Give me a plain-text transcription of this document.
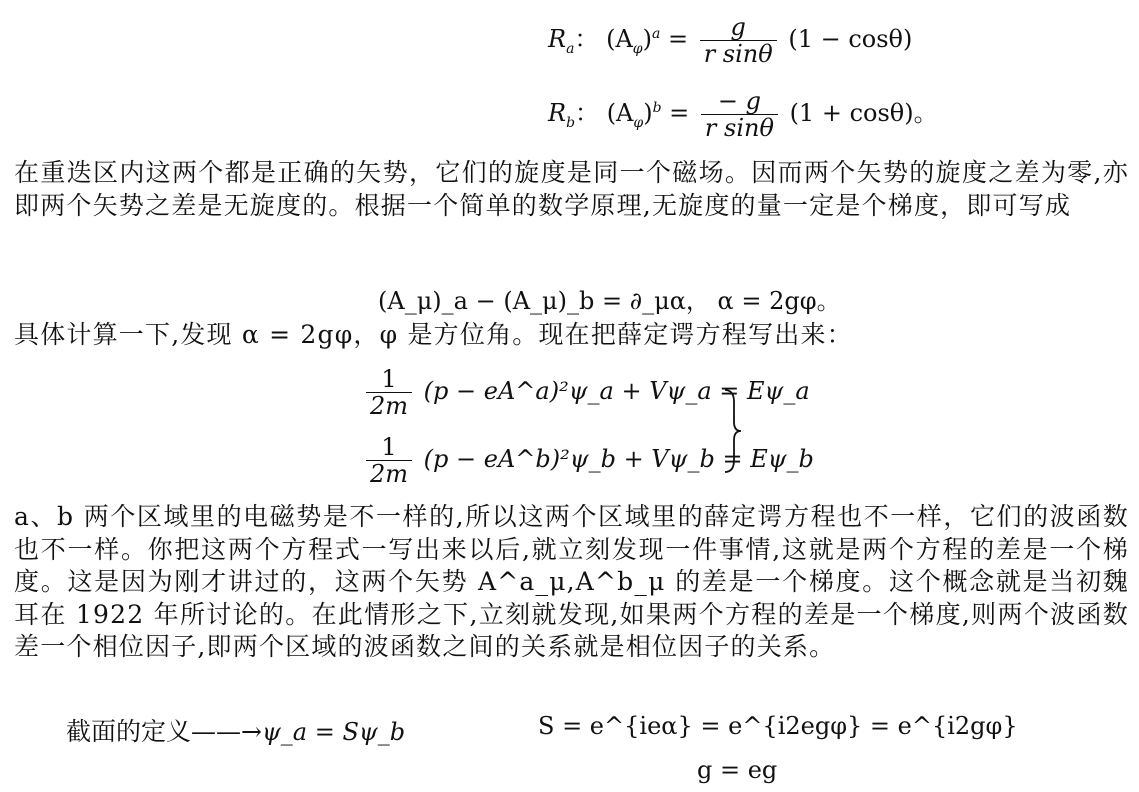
$R_a$： $(A_\varphi)^a = \frac{g}{\text{r sinθ}} (1 - \cos\theta)$
$R_b$： $(A_\varphi)^b = \frac{- g}{\text{r sinθ}} (1 + \cos\theta)$。
在重迭区内这两个都是正确的矢势，它们的旋度是同一个磁场。因而两个矢势的旋度之差为零,亦即两个矢势之差是无旋度的。根据一个简单的数学原理,无旋度的量一定是个梯度，即可写成
(A_μ)_a − (A_μ)_b = ∂_μα， α = 2gφ。
具体计算一下,发现 α = 2gφ，φ 是方位角。现在把薛定谔方程写出来：
$\frac{1}{2m} (p$ − eA^a)²ψ_a + Vψ_a = Eψ_a
$\frac{1}{2m} (p$ − eA^b)²ψ_b + Vψ_b = Eψ_b
a、b 两个区域里的电磁势是不一样的,所以这两个区域里的薛定谔方程也不一样，它们的波函数也不一样。你把这两个方程式一写出来以后,就立刻发现一件事情,这就是两个方程的差是一个梯度。这是因为刚才讲过的，这两个矢势 A^a_μ,A^b_μ 的差是一个梯度。这个概念就是当初魏耳在 1922 年所讨论的。在此情形之下,立刻就发现,如果两个方程的差是一个梯度,则两个波函数差一个相位因子,即两个区域的波函数之间的关系就是相位因子的关系。
截面的定义——→ψ_a = Sψ_b	S = e^{ieα} = e^{i2egφ} = e^{i2gφ}
g = eg
